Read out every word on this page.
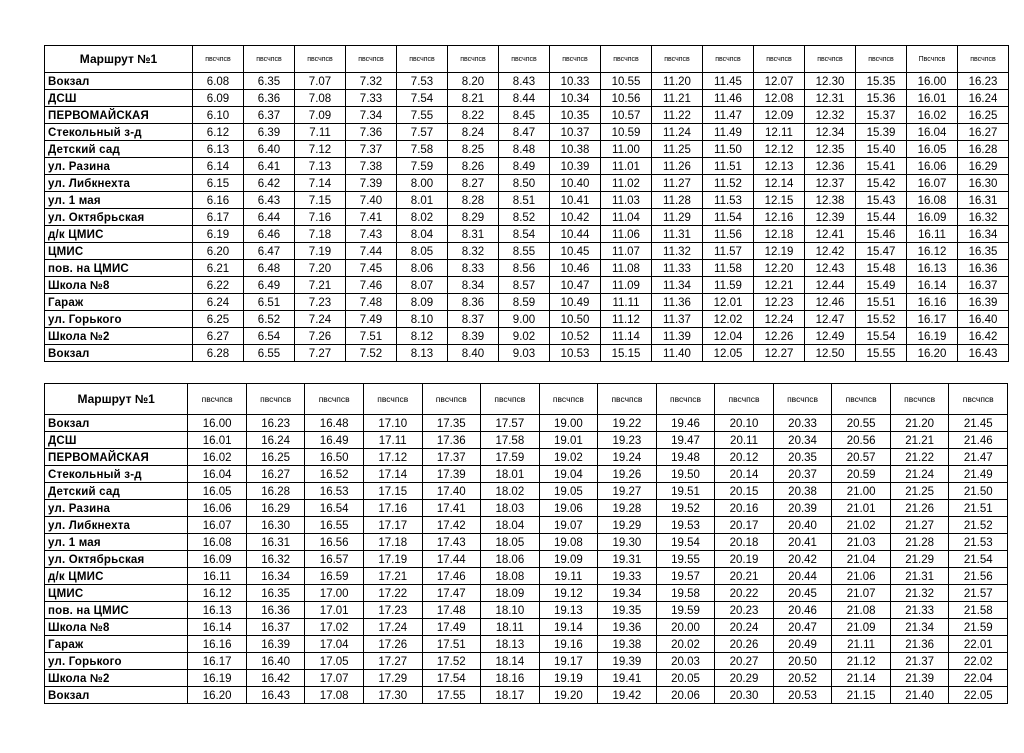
Маршрут №1	пвсчпсв	пвсчпсв	пвсчпсв	пвсчпсв	пвсчпсв	пвсчпсв	пвсчпсв	пвсчпсв	пвсчпсв	пвсчпсв	пвсчпсв	пвсчпсв	пвсчпсв	пвсчпсв	Пвсчпсв	пвсчпсв
Вокзал	6.08	6.35	7.07	7.32	7.53	8.20	8.43	10.33	10.55	11.20	11.45	12.07	12.30	15.35	16.00	16.23
ДСШ	6.09	6.36	7.08	7.33	7.54	8.21	8.44	10.34	10.56	11.21	11.46	12.08	12.31	15.36	16.01	16.24
ПЕРВОМАЙСКАЯ	6.10	6.37	7.09	7.34	7.55	8.22	8.45	10.35	10.57	11.22	11.47	12.09	12.32	15.37	16.02	16.25
Стекольный з-д	6.12	6.39	7.11	7.36	7.57	8.24	8.47	10.37	10.59	11.24	11.49	12.11	12.34	15.39	16.04	16.27
Детский сад	6.13	6.40	7.12	7.37	7.58	8.25	8.48	10.38	11.00	11.25	11.50	12.12	12.35	15.40	16.05	16.28
ул. Разина	6.14	6.41	7.13	7.38	7.59	8.26	8.49	10.39	11.01	11.26	11.51	12.13	12.36	15.41	16.06	16.29
ул. Либкнехта	6.15	6.42	7.14	7.39	8.00	8.27	8.50	10.40	11.02	11.27	11.52	12.14	12.37	15.42	16.07	16.30
ул. 1 мая	6.16	6.43	7.15	7.40	8.01	8.28	8.51	10.41	11.03	11.28	11.53	12.15	12.38	15.43	16.08	16.31
ул. Октябрьская	6.17	6.44	7.16	7.41	8.02	8.29	8.52	10.42	11.04	11.29	11.54	12.16	12.39	15.44	16.09	16.32
д/к ЦМИС	6.19	6.46	7.18	7.43	8.04	8.31	8.54	10.44	11.06	11.31	11.56	12.18	12.41	15.46	16.11	16.34
ЦМИС	6.20	6.47	7.19	7.44	8.05	8.32	8.55	10.45	11.07	11.32	11.57	12.19	12.42	15.47	16.12	16.35
пов. на ЦМИС	6.21	6.48	7.20	7.45	8.06	8.33	8.56	10.46	11.08	11.33	11.58	12.20	12.43	15.48	16.13	16.36
Школа №8	6.22	6.49	7.21	7.46	8.07	8.34	8.57	10.47	11.09	11.34	11.59	12.21	12.44	15.49	16.14	16.37
Гараж	6.24	6.51	7.23	7.48	8.09	8.36	8.59	10.49	11.11	11.36	12.01	12.23	12.46	15.51	16.16	16.39
ул. Горького	6.25	6.52	7.24	7.49	8.10	8.37	9.00	10.50	11.12	11.37	12.02	12.24	12.47	15.52	16.17	16.40
Школа №2	6.27	6.54	7.26	7.51	8.12	8.39	9.02	10.52	11.14	11.39	12.04	12.26	12.49	15.54	16.19	16.42
Вокзал	6.28	6.55	7.27	7.52	8.13	8.40	9.03	10.53	15.15	11.40	12.05	12.27	12.50	15.55	16.20	16.43
Маршрут №1	пвсчпсв	пвсчпсв	пвсчпсв	пвсчпсв	пвсчпсв	пвсчпсв	пвсчпсв	пвсчпсв	пвсчпсв	пвсчпсв	пвсчпсв	пвсчпсв	пвсчпсв	пвсчпсв
Вокзал	16.00	16.23	16.48	17.10	17.35	17.57	19.00	19.22	19.46	20.10	20.33	20.55	21.20	21.45
ДСШ	16.01	16.24	16.49	17.11	17.36	17.58	19.01	19.23	19.47	20.11	20.34	20.56	21.21	21.46
ПЕРВОМАЙСКАЯ	16.02	16.25	16.50	17.12	17.37	17.59	19.02	19.24	19.48	20.12	20.35	20.57	21.22	21.47
Стекольный з-д	16.04	16.27	16.52	17.14	17.39	18.01	19.04	19.26	19.50	20.14	20.37	20.59	21.24	21.49
Детский сад	16.05	16.28	16.53	17.15	17.40	18.02	19.05	19.27	19.51	20.15	20.38	21.00	21.25	21.50
ул. Разина	16.06	16.29	16.54	17.16	17.41	18.03	19.06	19.28	19.52	20.16	20.39	21.01	21.26	21.51
ул. Либкнехта	16.07	16.30	16.55	17.17	17.42	18.04	19.07	19.29	19.53	20.17	20.40	21.02	21.27	21.52
ул. 1 мая	16.08	16.31	16.56	17.18	17.43	18.05	19.08	19.30	19.54	20.18	20.41	21.03	21.28	21.53
ул. Октябрьская	16.09	16.32	16.57	17.19	17.44	18.06	19.09	19.31	19.55	20.19	20.42	21.04	21.29	21.54
д/к ЦМИС	16.11	16.34	16.59	17.21	17.46	18.08	19.11	19.33	19.57	20.21	20.44	21.06	21.31	21.56
ЦМИС	16.12	16.35	17.00	17.22	17.47	18.09	19.12	19.34	19.58	20.22	20.45	21.07	21.32	21.57
пов. на ЦМИС	16.13	16.36	17.01	17.23	17.48	18.10	19.13	19.35	19.59	20.23	20.46	21.08	21.33	21.58
Школа №8	16.14	16.37	17.02	17.24	17.49	18.11	19.14	19.36	20.00	20.24	20.47	21.09	21.34	21.59
Гараж	16.16	16.39	17.04	17.26	17.51	18.13	19.16	19.38	20.02	20.26	20.49	21.11	21.36	22.01
ул. Горького	16.17	16.40	17.05	17.27	17.52	18.14	19.17	19.39	20.03	20.27	20.50	21.12	21.37	22.02
Школа №2	16.19	16.42	17.07	17.29	17.54	18.16	19.19	19.41	20.05	20.29	20.52	21.14	21.39	22.04
Вокзал	16.20	16.43	17.08	17.30	17.55	18.17	19.20	19.42	20.06	20.30	20.53	21.15	21.40	22.05
